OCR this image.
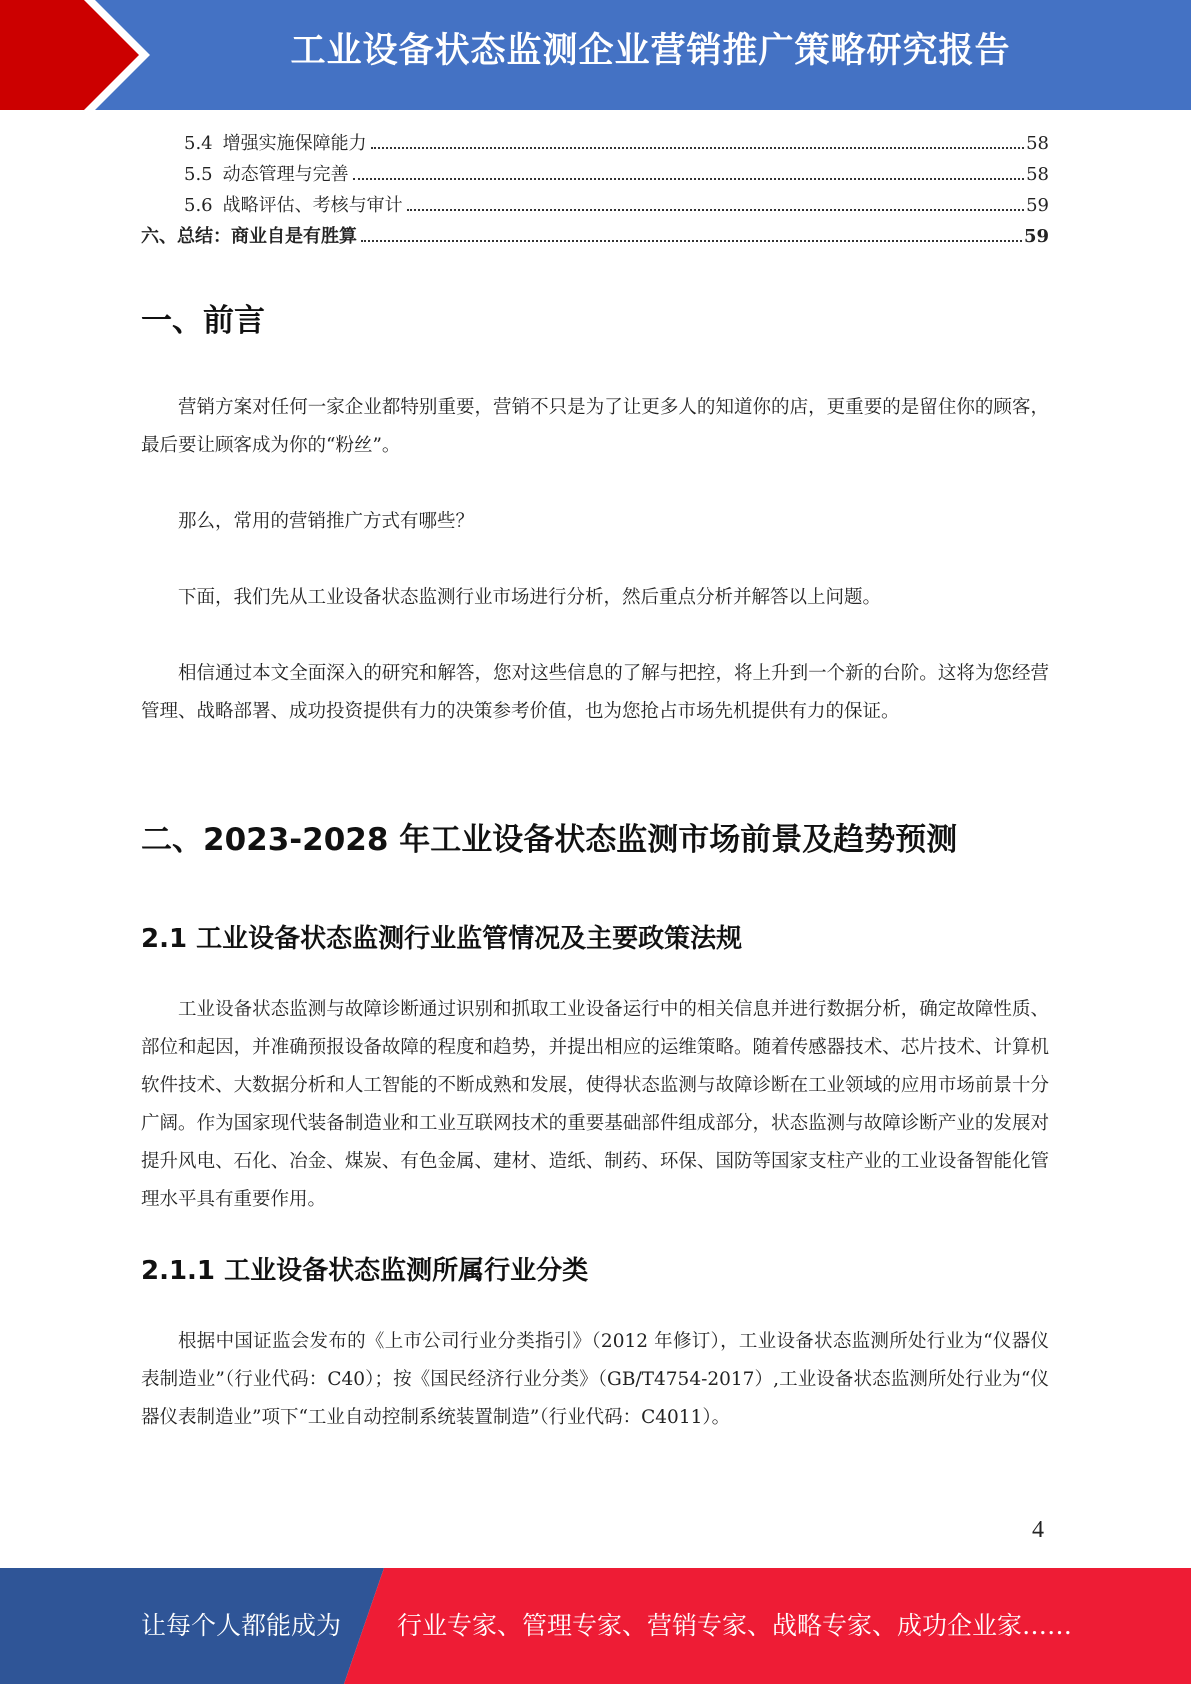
工业设备状态监测企业营销推广策略研究报告
5.4 增强实施保障能力	58
5.5 动态管理与完善	58
5.6 战略评估、考核与审计	59
六、总结：商业自是有胜算	59
一、前言

营销方案对任何一家企业都特别重要，营销不只是为了让更多人的知道你的店，更重要的是留住你的顾客，最后要让顾客成为你的“粉丝”。

那么，常用的营销推广方式有哪些？

下面，我们先从工业设备状态监测行业市场进行分析，然后重点分析并解答以上问题。

相信通过本文全面深入的研究和解答，您对这些信息的了解与把控，将上升到一个新的台阶。这将为您经营管理、战略部署、成功投资提供有力的决策参考价值，也为您抢占市场先机提供有力的保证。

二、2023-2028 年工业设备状态监测市场前景及趋势预测
2.1 工业设备状态监测行业监管情况及主要政策法规

工业设备状态监测与故障诊断通过识别和抓取工业设备运行中的相关信息并进行数据分析，确定故障性质、部位和起因，并准确预报设备故障的程度和趋势，并提出相应的运维策略。随着传感器技术、芯片技术、计算机软件技术、大数据分析和人工智能的不断成熟和发展，使得状态监测与故障诊断在工业领域的应用市场前景十分广阔。作为国家现代装备制造业和工业互联网技术的重要基础部件组成部分，状态监测与故障诊断产业的发展对提升风电、石化、冶金、煤炭、有色金属、建材、造纸、制药、环保、国防等国家支柱产业的工业设备智能化管理水平具有重要作用。

2.1.1 工业设备状态监测所属行业分类

根据中国证监会发布的《上市公司行业分类指引》（2012 年修订），工业设备状态监测所处行业为“仪器仪表制造业”（行业代码：C40）；按《国民经济行业分类》（GB/T4754-2017）,工业设备状态监测所处行业为“仪器仪表制造业”项下“工业自动控制系统装置制造”（行业代码：C4011）。

4
让每个人都能成为 行业专家、管理专家、营销专家、战略专家、成功企业家……
